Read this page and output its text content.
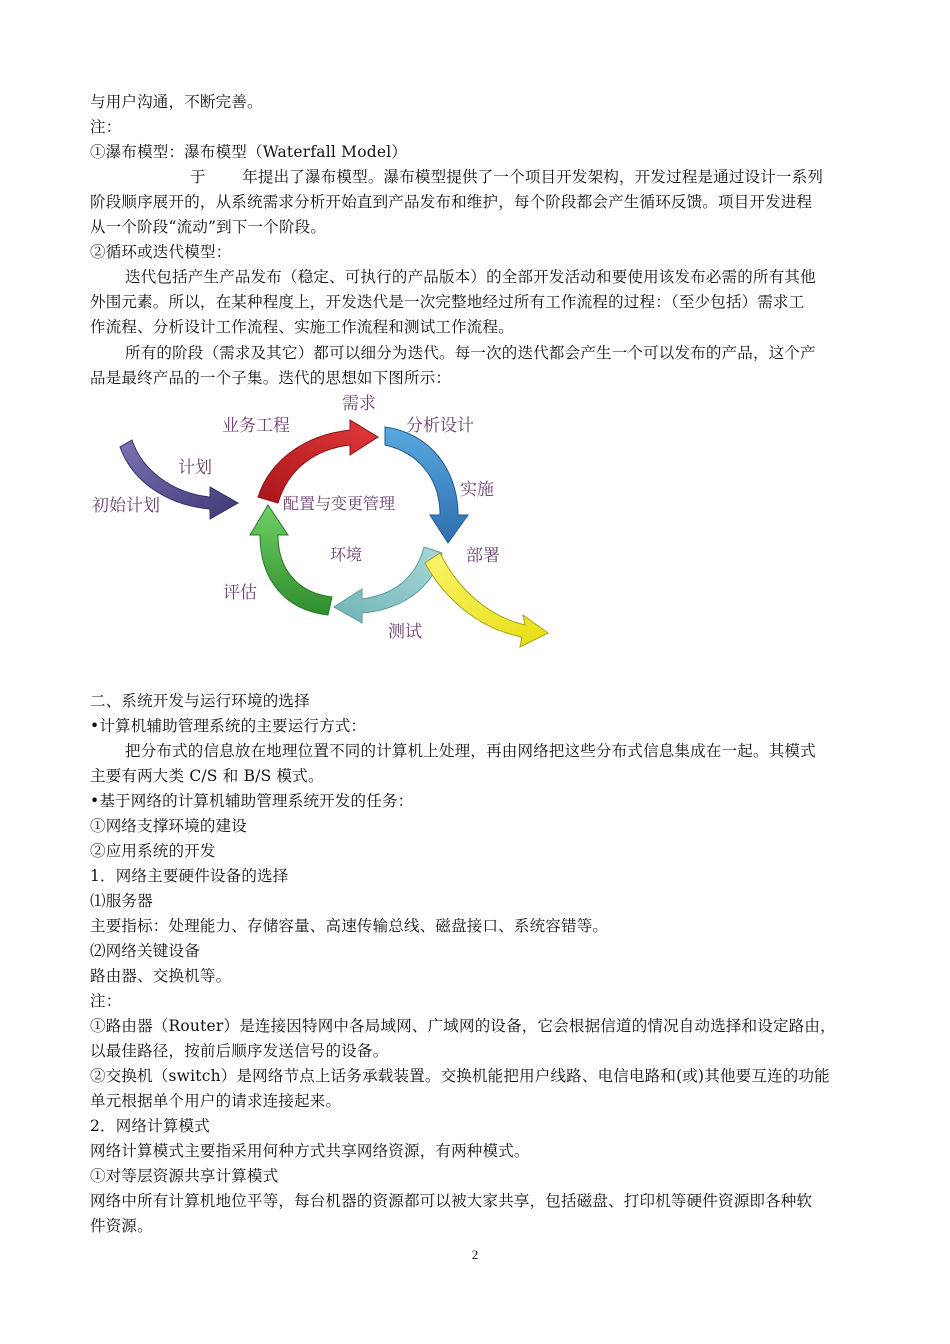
与用户沟通，不断完善。
注：
①瀑布模型：瀑布模型（Waterfall Model）
于　　 年提出了瀑布模型。瀑布模型提供了一个项目开发架构，开发过程是通过设计一系列
阶段顺序展开的，从系统需求分析开始直到产品发布和维护，每个阶段都会产生循环反馈。项目开发进程
从一个阶段“流动”到下一个阶段。
②循环或迭代模型：
迭代包括产生产品发布（稳定、可执行的产品版本）的全部开发活动和要使用该发布必需的所有其他
外围元素。所以，在某种程度上，开发迭代是一次完整地经过所有工作流程的过程：（至少包括）需求工
作流程、分析设计工作流程、实施工作流程和测试工作流程。
所有的阶段（需求及其它）都可以细分为迭代。每一次的迭代都会产生一个可以发布的产品，这个产
品是最终产品的一个子集。迭代的思想如下图所示：
需求
业务工程	分析设计
计划
实施
初始计划	配置与变更管理
环境	部署
评估
测试
二、系统开发与运行环境的选择
•计算机辅助管理系统的主要运行方式：
把分布式的信息放在地理位置不同的计算机上处理，再由网络把这些分布式信息集成在一起。其模式
主要有两大类 C/S 和 B/S 模式。
•基于网络的计算机辅助管理系统开发的任务：
①网络支撑环境的建设
②应用系统的开发
1．网络主要硬件设备的选择
⑴服务器
主要指标：处理能力、存储容量、高速传输总线、磁盘接口、系统容错等。
⑵网络关键设备
路由器、交换机等。
注：
①路由器（Router）是连接因特网中各局域网、广域网的设备，它会根据信道的情况自动选择和设定路由，
以最佳路径，按前后顺序发送信号的设备。
②交换机（switch）是网络节点上话务承载装置。交换机能把用户线路、电信电路和(或)其他要互连的功能
单元根据单个用户的请求连接起来。
2．网络计算模式
网络计算模式主要指采用何种方式共享网络资源，有两种模式。
①对等层资源共享计算模式
网络中所有计算机地位平等，每台机器的资源都可以被大家共享，包括磁盘、打印机等硬件资源即各种软
件资源。
2
